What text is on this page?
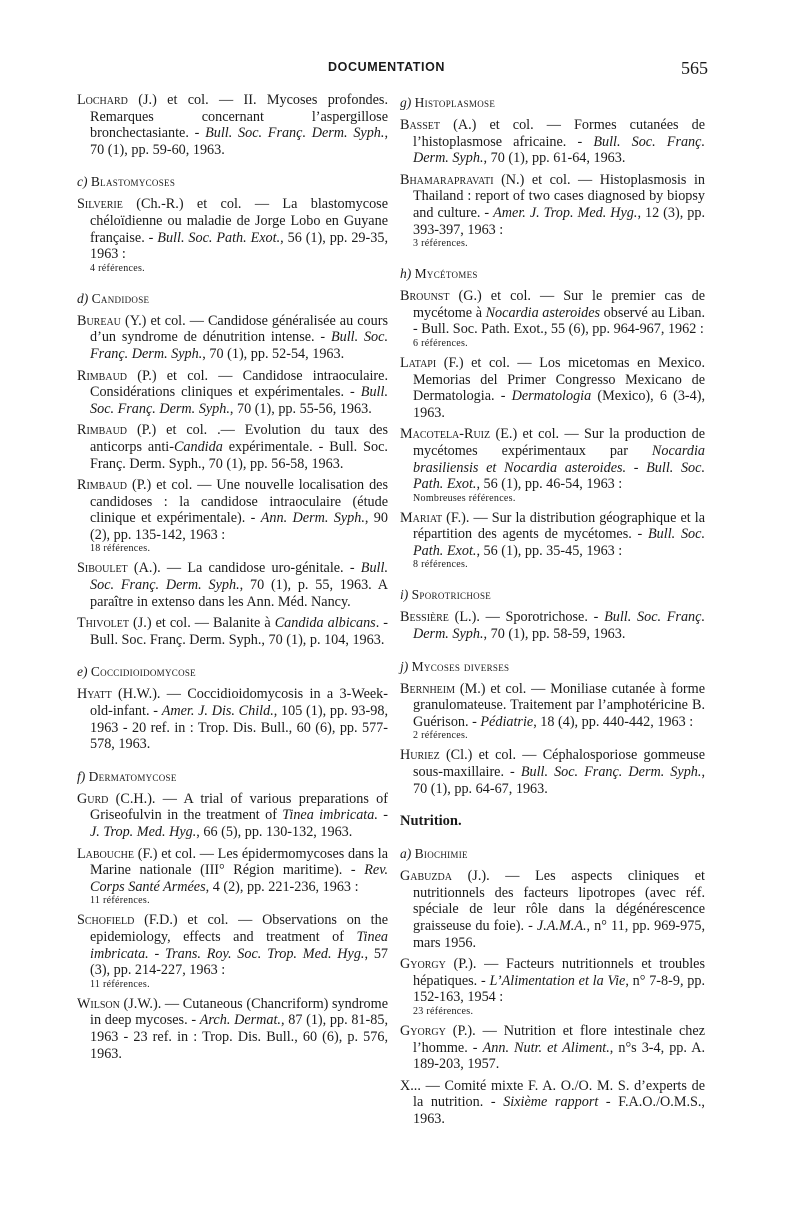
DOCUMENTATION	565

Lochard (J.) et col. — II. Mycoses profondes. Remarques concernant l’aspergillose bronchectasiante. - Bull. Soc. Franç. Derm. Syph., 70 (1), pp. 59-60, 1963.

c) Blastomycoses

Silverie (Ch.-R.) et col. — La blastomycose chéloïdienne ou maladie de Jorge Lobo en Guyane française. - Bull. Soc. Path. Exot., 56 (1), pp. 29-35, 1963 :
4 références.

d) Candidose

Bureau (Y.) et col. — Candidose généralisée au cours d’un syndrome de dénutrition intense. - Bull. Soc. Franç. Derm. Syph., 70 (1), pp. 52-54, 1963.

Rimbaud (P.) et col. — Candidose intraoculaire. Considérations cliniques et expérimentales. - Bull. Soc. Franç. Derm. Syph., 70 (1), pp. 55-56, 1963.

Rimbaud (P.) et col. .— Evolution du taux des anticorps anti-Candida expérimentale. - Bull. Soc. Franç. Derm. Syph., 70 (1), pp. 56-58, 1963.

Rimbaud (P.) et col. — Une nouvelle localisation des candidoses : la candidose intraoculaire (étude clinique et expérimentale). - Ann. Derm. Syph., 90 (2), pp. 135-142, 1963 :
18 références.

Siboulet (A.). — La candidose uro-génitale. - Bull. Soc. Franç. Derm. Syph., 70 (1), p. 55, 1963. A paraître in extenso dans les Ann. Méd. Nancy.

Thivolet (J.) et col. — Balanite à Candida albicans. - Bull. Soc. Franç. Derm. Syph., 70 (1), p. 104, 1963.

e) Coccidioidomycose

Hyatt (H.W.). — Coccidioidomycosis in a 3-Week-old-infant. - Amer. J. Dis. Child., 105 (1), pp. 93-98, 1963 - 20 ref. in : Trop. Dis. Bull., 60 (6), pp. 577-578, 1963.

f) Dermatomycose

Gurd (C.H.). — A trial of various preparations of Griseofulvin in the treatment of Tinea imbricata. - J. Trop. Med. Hyg., 66 (5), pp. 130-132, 1963.

Labouche (F.) et col. — Les épidermomycoses dans la Marine nationale (III° Région maritime). - Rev. Corps Santé Armées, 4 (2), pp. 221-236, 1963 :
11 références.

Schofield (F.D.) et col. — Observations on the epidemiology, effects and treatment of Tinea imbricata. - Trans. Roy. Soc. Trop. Med. Hyg., 57 (3), pp. 214-227, 1963 :
11 références.

Wilson (J.W.). — Cutaneous (Chancriform) syndrome in deep mycoses. - Arch. Dermat., 87 (1), pp. 81-85, 1963 - 23 ref. in : Trop. Dis. Bull., 60 (6), p. 576, 1963.

g) Histoplasmose

Basset (A.) et col. — Formes cutanées de l’histoplasmose africaine. - Bull. Soc. Franç. Derm. Syph., 70 (1), pp. 61-64, 1963.

Bhamarapravati (N.) et col. — Histoplasmosis in Thailand : report of two cases diagnosed by biopsy and culture. - Amer. J. Trop. Med. Hyg., 12 (3), pp. 393-397, 1963 :
3 références.

h) Mycétomes

Brounst (G.) et col. — Sur le premier cas de mycétome à Nocardia asteroides observé au Liban. - Bull. Soc. Path. Exot., 55 (6), pp. 964-967, 1962 :
6 références.

Latapi (F.) et col. — Los micetomas en Mexico. Memorias del Primer Congresso Mexicano de Dermatologia. - Dermatologia (Mexico), 6 (3-4), 1963.

Macotela-Ruiz (E.) et col. — Sur la production de mycétomes expérimentaux par Nocardia brasiliensis et Nocardia asteroides. - Bull. Soc. Path. Exot., 56 (1), pp. 46-54, 1963 :
Nombreuses références.

Mariat (F.). — Sur la distribution géographique et la répartition des agents de mycétomes. - Bull. Soc. Path. Exot., 56 (1), pp. 35-45, 1963 :
8 références.

i) Sporotrichose

Bessière (L.). — Sporotrichose. - Bull. Soc. Franç. Derm. Syph., 70 (1), pp. 58-59, 1963.

j) Mycoses diverses

Bernheim (M.) et col. — Moniliase cutanée à forme granulomateuse. Traitement par l’amphotéricine B. Guérison. - Pédiatrie, 18 (4), pp. 440-442, 1963 :
2 références.

Huriez (Cl.) et col. — Céphalosporiose gommeuse sous-maxillaire. - Bull. Soc. Franç. Derm. Syph., 70 (1), pp. 64-67, 1963.

Nutrition.
a) Biochimie

Gabuzda (J.). — Les aspects cliniques et nutritionnels des facteurs lipotropes (avec réf. spéciale de leur rôle dans la dégénérescence graisseuse du foie). - J.A.M.A., n° 11, pp. 969-975, mars 1956.

Gyorgy (P.). — Facteurs nutritionnels et troubles hépatiques. - L’Alimentation et la Vie, n° 7-8-9, pp. 152-163, 1954 :
23 références.

Gyorgy (P.). — Nutrition et flore intestinale chez l’homme. - Ann. Nutr. et Aliment., n°s 3-4, pp. A. 189-203, 1957.

X... — Comité mixte F. A. O./O. M. S. d’experts de la nutrition. - Sixième rapport - F.A.O./O.M.S., 1963.
